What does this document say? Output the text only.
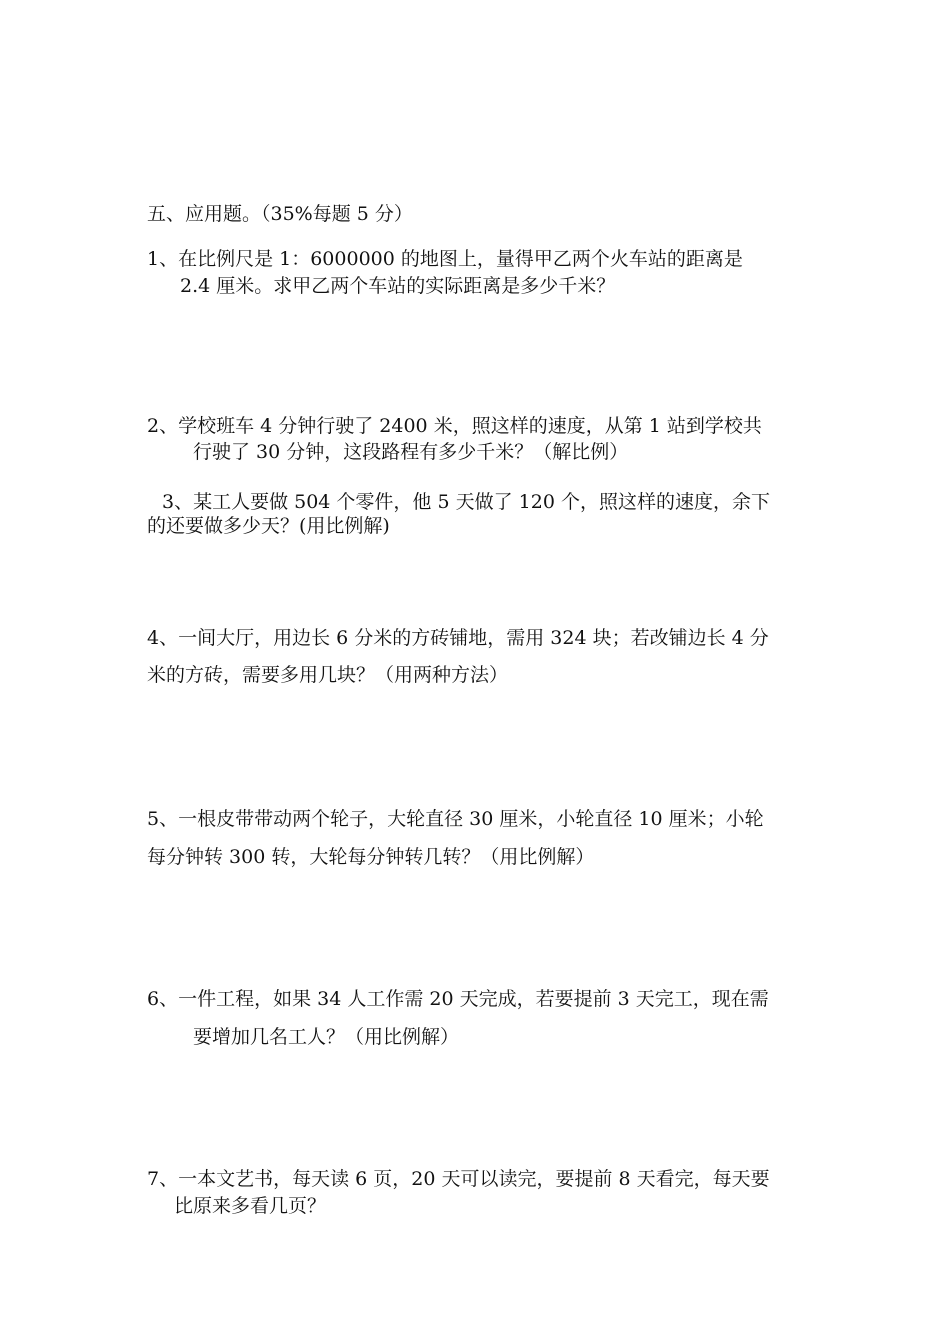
五、应用题。（35%每题 5 分）
1、在比例尺是 1：6000000 的地图上，量得甲乙两个火车站的距离是
2.4 厘米。求甲乙两个车站的实际距离是多少千米？
2、学校班车 4 分钟行驶了 2400 米，照这样的速度，从第 1 站到学校共
行驶了 30 分钟，这段路程有多少千米？（解比例）
3、某工人要做 504 个零件，他 5 天做了 120 个，照这样的速度，余下
的还要做多少天？(用比例解)
4、一间大厅，用边长 6 分米的方砖铺地，需用 324 块；若改铺边长 4 分
米的方砖，需要多用几块？（用两种方法）
5、一根皮带带动两个轮子，大轮直径 30 厘米，小轮直径 10 厘米；小轮
每分钟转 300 转，大轮每分钟转几转？（用比例解）
6、一件工程，如果 34 人工作需 20 天完成，若要提前 3 天完工，现在需
要增加几名工人？（用比例解）
7、一本文艺书，每天读 6 页，20 天可以读完，要提前 8 天看完，每天要
比原来多看几页？
